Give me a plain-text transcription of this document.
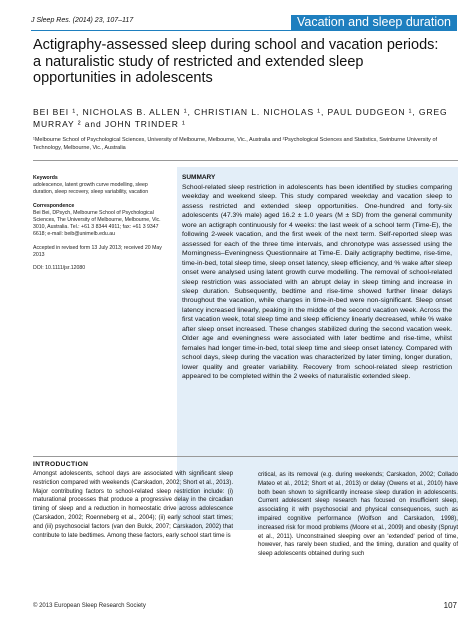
J Sleep Res. (2014) 23, 107–117	Vacation and sleep duration
Actigraphy-assessed sleep during school and vacation periods: a naturalistic study of restricted and extended sleep opportunities in adolescents
BEI BEI ¹, NICHOLAS B. ALLEN ¹, CHRISTIAN L. NICHOLAS ¹, PAUL DUDGEON ¹, GREG MURRAY ² and JOHN TRINDER ¹
¹Melbourne School of Psychological Sciences, University of Melbourne, Melbourne, Vic., Australia and ²Psychological Sciences and Statistics, Swinburne University of Technology, Melbourne, Vic., Australia
Keywords
adolescence, latent growth curve modelling, sleep duration, sleep recovery, sleep variability, vacation
Correspondence
Bei Bei, DPsych, Melbourne School of Psychological Sciences, The University of Melbourne, Melbourne, Vic. 3010, Australia. Tel.: +61 3 8344 4911; fax: +61 3 9347 6618; e-mail: beib@unimelb.edu.au
Accepted in revised form 13 July 2013; received 20 May 2013
DOI: 10.1111/jsr.12080
SUMMARY
School-related sleep restriction in adolescents has been identified by studies comparing weekday and weekend sleep. This study compared weekday and vacation sleep to assess restricted and extended sleep opportunities. One-hundred and forty-six adolescents (47.3% male) aged 16.2 ± 1.0 years (M ± SD) from the general community wore an actigraph continuously for 4 weeks: the last week of a school term (Time-E), the following 2-week vacation, and the first week of the next term. Self-reported sleep was assessed for each of the three time intervals, and chronotype was assessed using the Morningness–Eveningness Questionnaire at Time-E. Daily actigraphy bedtime, rise-time, time-in-bed, total sleep time, sleep onset latency, sleep efficiency, and % wake after sleep onset were analysed using latent growth curve modelling. The removal of school-related sleep restriction was associated with an abrupt delay in sleep timing and increase in sleep duration. Subsequently, bedtime and rise-time showed further linear delays throughout the vacation, while changes in time-in-bed were non-significant. Sleep onset latency increased linearly, peaking in the middle of the second vacation week. Across the first vacation week, total sleep time and sleep efficiency linearly decreased, while % wake after sleep onset increased. These changes stabilized during the second vacation week. Older age and eveningness were associated with later bedtime and rise-time, whilst females had longer time-in-bed, total sleep time and sleep onset latency. Compared with school days, sleep during the vacation was characterized by later timing, longer duration, lower quality and greater variability. Recovery from school-related sleep restriction appeared to be completed within the 2 weeks of naturalistic extended sleep.
INTRODUCTION
Amongst adolescents, school days are associated with significant sleep restriction compared with weekends (Carskadon, 2002; Short et al., 2013). Major contributing factors to school-related sleep restriction include: (i) maturational processes that produce a progressive delay in the circadian timing of sleep and a reduction in homeostatic drive across adolescence (Carskadon, 2002; Roenneberg et al., 2004); (ii) early school start times; and (iii) psychosocial factors (van den Bulck, 2007; Carskadon, 2002) that contribute to late bedtimes. Among these factors, early school start time is
critical, as its removal (e.g. during weekends; Carskadon, 2002; Collado Mateo et al., 2012; Short et al., 2013) or delay (Owens et al., 2010) have both been shown to significantly increase sleep duration in adolescents. Current adolescent sleep research has focused on insufficient sleep, associating it with psychosocial and physical consequences, such as impaired cognitive performance (Wolfson and Carskadon, 1998), increased risk for mood problems (Moore et al., 2009) and obesity (Spruyt et al., 2011). Unconstrained sleeping over an 'extended' period of time, however, has rarely been studied, and the timing, duration and quality of sleep adolescents obtained during such
© 2013 European Sleep Research Society	107
